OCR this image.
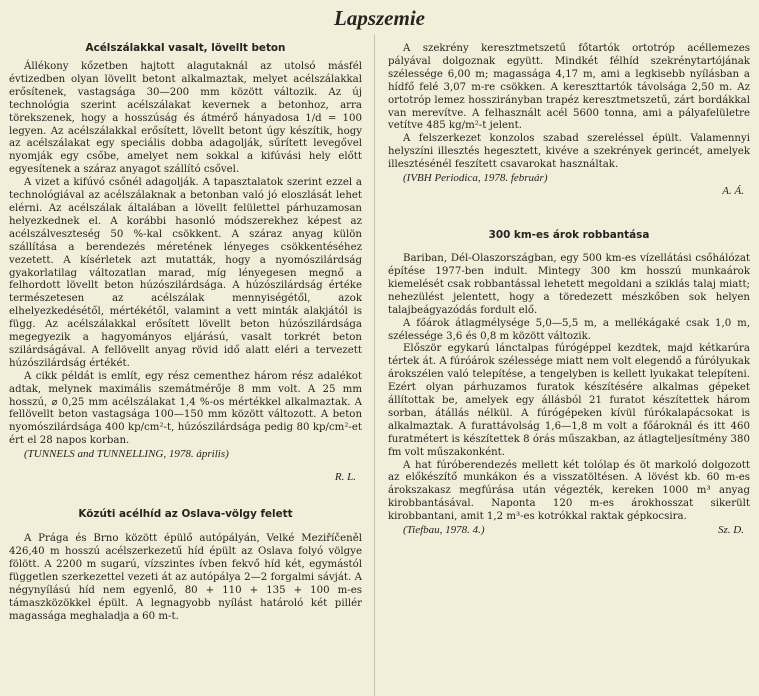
Lapszemie
Acélszálakkal vasalt, lövellt beton

Állékony kőzetben hajtott alagutaknál az utolsó másfél évtizedben olyan lövellt betont alkalmaztak, melyet acélszálakkal erősítenek, vastagsága 30—200 mm között változik. Az új technológia szerint acélszálakat kevernek a betonhoz, arra törekszenek, hogy a hosszúság és átmérő hányadosa 1/d = 100 legyen. Az acélszálakkal erősített, lövellt betont úgy készítik, hogy az acélszálakat egy speciális dobba adagolják, sűrített levegővel nyomják egy csőbe, amelyet nem sokkal a kifúvási hely előtt egyesítenek a száraz anyagot szállító csővel.

A vizet a kifúvó csőnél adagolják. A tapasztalatok szerint ezzel a technológiával az acélszálaknak a betonban való jó eloszlását lehet elérni. Az acélszálak általában a lövellt felülettel párhuzamosan helyezkednek el. A korábbi hasonló módszerekhez képest az acélszálveszteség 50 %-kal csökkent. A száraz anyag külön szállítása a berendezés méretének lényeges csökkentéséhez vezetett. A kísérletek azt mutatták, hogy a nyomószilárdság gyakorlatilag változatlan marad, míg lényegesen megnő a felhordott lövellt beton húzószilárdsága. A húzószilárdság értéke természetesen az acélszálak mennyiségétől, azok elhelyezkedésétől, mértékétől, valamint a vett minták alakjától is függ. Az acélszálakkal erősített lövellt beton húzószilárdsága megegyezik a hagyományos eljárású, vasalt torkrét beton szilárdságával. A fellövellt anyag rövid idő alatt eléri a tervezett húzószilárdság értékét.

A cikk példát is említ, egy rész cementhez három rész adalékot adtak, melynek maximális szemátmérője 8 mm volt. A 25 mm hosszú, ⌀ 0,25 mm acélszálakat 1,4 %-os mértékkel alkalmaztak. A fellövellt beton vastagsága 100—150 mm között változott. A beton nyomószilárdsága 400 kp/cm²-t, húzószilárdsága pedig 80 kp/cm²-et ért el 28 napos korban.

(TUNNELS and TUNNELLING, 1978. április)

R. L.

Közúti acélhíd az Oslava-völgy felett

A Prága és Brno között épülő autópályán, Velké Meziříčeněl 426,40 m hosszú acélszerkezetű híd épült az Oslava folyó völgye fölött. A 2200 m sugarú, vízszintes ívben fekvő híd két, egymástól független szerkezettel vezeti át az autópálya 2—2 forgalmi sávját. A négynyílású híd nem egyenlő, 80 + 110 + 135 + 100 m-es támaszközökkel épült. A legnagyobb nyílást határoló két pillér magassága meghaladja a 60 m-t.

A szekrény keresztmetszetű főtartók ortotróp acéllemezes pályával dolgoznak együtt. Mindkét félhíd szekrénytartójának szélessége 6,00 m; magassága 4,17 m, ami a legkisebb nyílásban a hídfő felé 3,07 m-re csökken. A kereszttartók távolsága 2,50 m. Az ortotróp lemez hosszirányban trapéz keresztmetszetű, zárt bordákkal van merevítve. A felhasznált acél 5600 tonna, ami a pályafelületre vetítve 485 kg/m²-t jelent.

A felszerkezet konzolos szabad szereléssel épült. Valamennyi helyszíni illesztés hegesztett, kivéve a szekrények gerincét, amelyek illesztésénél feszített csavarokat használtak.

(IVBH Periodica, 1978. február)

A. Á.

300 km-es árok robbantása

Bariban, Dél-Olaszországban, egy 500 km-es vízellátási csőhálózat építése 1977-ben indult. Mintegy 300 km hosszú munkaárok kiemelését csak robbantással lehetett megoldani a sziklás talaj miatt; nehezülést jelentett, hogy a töredezett mészkőben sok helyen talajbeágyazódás fordult elő.

A főárok átlagmélysége 5,0—5,5 m, a mellékágaké csak 1,0 m, szélessége 3,6 és 0,8 m között változik.

Először egykarú lánctalpas fúrógéppel kezdtek, majd kétkarúra tértek át. A fúróárok szélessége miatt nem volt elegendő a fúrólyukak árokszélen való telepítése, a tengelyben is kellett lyukakat telepíteni. Ezért olyan párhuzamos furatok készítésére alkalmas gépeket állítottak be, amelyek egy állásból 21 furatot készítettek három sorban, átállás nélkül. A fúrógépeken kívül fúrókalapácsokat is alkalmaztak. A furattávolság 1,6—1,8 m volt a főároknál és itt 460 furatmétert is készítettek 8 órás műszakban, az átlagteljesítmény 380 fm volt műszakonként.

A hat fúróberendezés mellett két tolólap és öt markoló dolgozott az előkészítő munkákon és a visszatöltésen. A lövést kb. 60 m-es árokszakasz megfúrása után végezték, kereken 1000 m³ anyag kirobbantásával. Naponta 120 m-es árokhosszat sikerült kirobbantani, amit 1,2 m³-es kotrókkal raktak gépkocsira.

(Tiefbau, 1978. 4.)	Sz. D.
